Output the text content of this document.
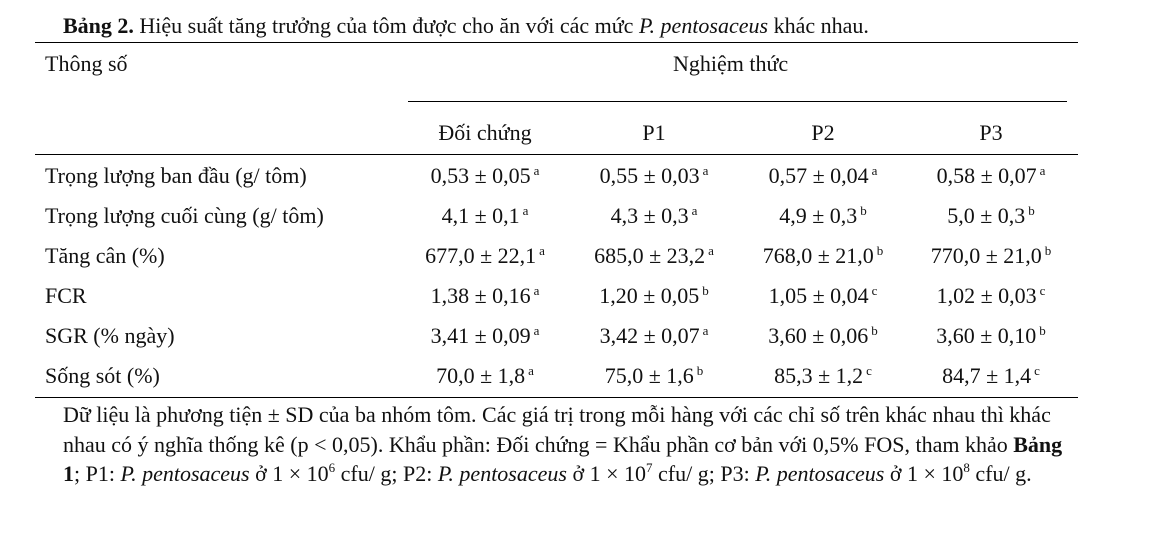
Bảng 2. Hiệu suất tăng trưởng của tôm được cho ăn với các mức P. pentosaceus khác nhau.
Thông số	Nghiệm thức
Đối chứng	P1	P2	P3
Trọng lượng ban đầu (g/ tôm)	0,53 ± 0,05 $^a$	0,55 ± 0,03 $^a$	0,57 ± 0,04 $^a$	0,58 ± 0,07 $^a$
Trọng lượng cuối cùng (g/ tôm)	4,1 ± 0,1 $^a$	4,3 ± 0,3 $^a$	4,9 ± 0,3 $^b$	5,0 ± 0,3 $^b$
Tăng cân (%)	677,0 ± 22,1 $^a$	685,0 ± 23,2 $^a$	768,0 ± 21,0 $^b$	770,0 ± 21,0 $^b$
FCR	1,38 ± 0,16 $^a$	1,20 ± 0,05 $^b$	1,05 ± 0,04 $^c$	1,02 ± 0,03 $^c$
SGR (% ngày)	3,41 ± 0,09 $^a$	3,42 ± 0,07 $^a$	3,60 ± 0,06 $^b$	3,60 ± 0,10 $^b$
Sống sót (%)	70,0 ± 1,8 $^a$	75,0 ± 1,6 $^b$	85,3 ± 1,2 $^c$	84,7 ± 1,4 $^c$
Dữ liệu là phương tiện ± SD của ba nhóm tôm. Các giá trị trong mỗi hàng với các chỉ số trên khác nhau thì khác nhau có ý nghĩa thống kê (p < 0,05). Khẩu phần: Đối chứng = Khẩu phần cơ bản với 0,5% FOS, tham khảo Bảng 1; P1: P. pentosaceus ở $1 \times 10^6$ cfu/ g; P2: P. pentosaceus ở $1 \times 10^7$ cfu/ g; P3: P. pentosaceus ở $1 \times 10^8$ cfu/ g.
